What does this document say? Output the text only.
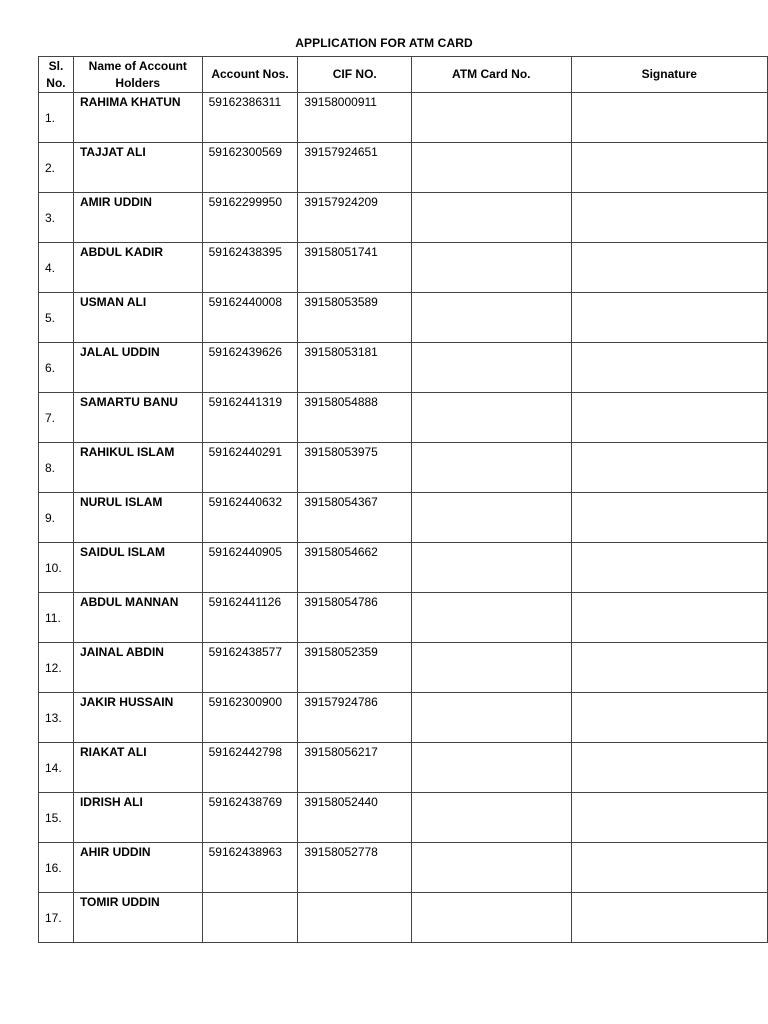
APPLICATION FOR ATM CARD
Sl. No.	Name of Account Holders	Account Nos.	CIF NO.	ATM Card No.	Signature

1.	RAHIMA KHATUN	59162386311	39158000911		

2.	TAJJAT ALI	59162300569	39157924651		

3.	AMIR UDDIN	59162299950	39157924209		

4.	ABDUL KADIR	59162438395	39158051741		

5.	USMAN ALI	59162440008	39158053589		

6.	JALAL UDDIN	59162439626	39158053181		

7.	SAMARTU BANU	59162441319	39158054888		

8.	RAHIKUL ISLAM	59162440291	39158053975		

9.	NURUL ISLAM	59162440632	39158054367		

10.	SAIDUL ISLAM	59162440905	39158054662		

11.	ABDUL MANNAN	59162441126	39158054786		

12.	JAINAL ABDIN	59162438577	39158052359		

13.	JAKIR HUSSAIN	59162300900	39157924786		

14.	RIAKAT ALI	59162442798	39158056217		

15.	IDRISH ALI	59162438769	39158052440		

16.	AHIR UDDIN	59162438963	39158052778		

17.	TOMIR UDDIN				
